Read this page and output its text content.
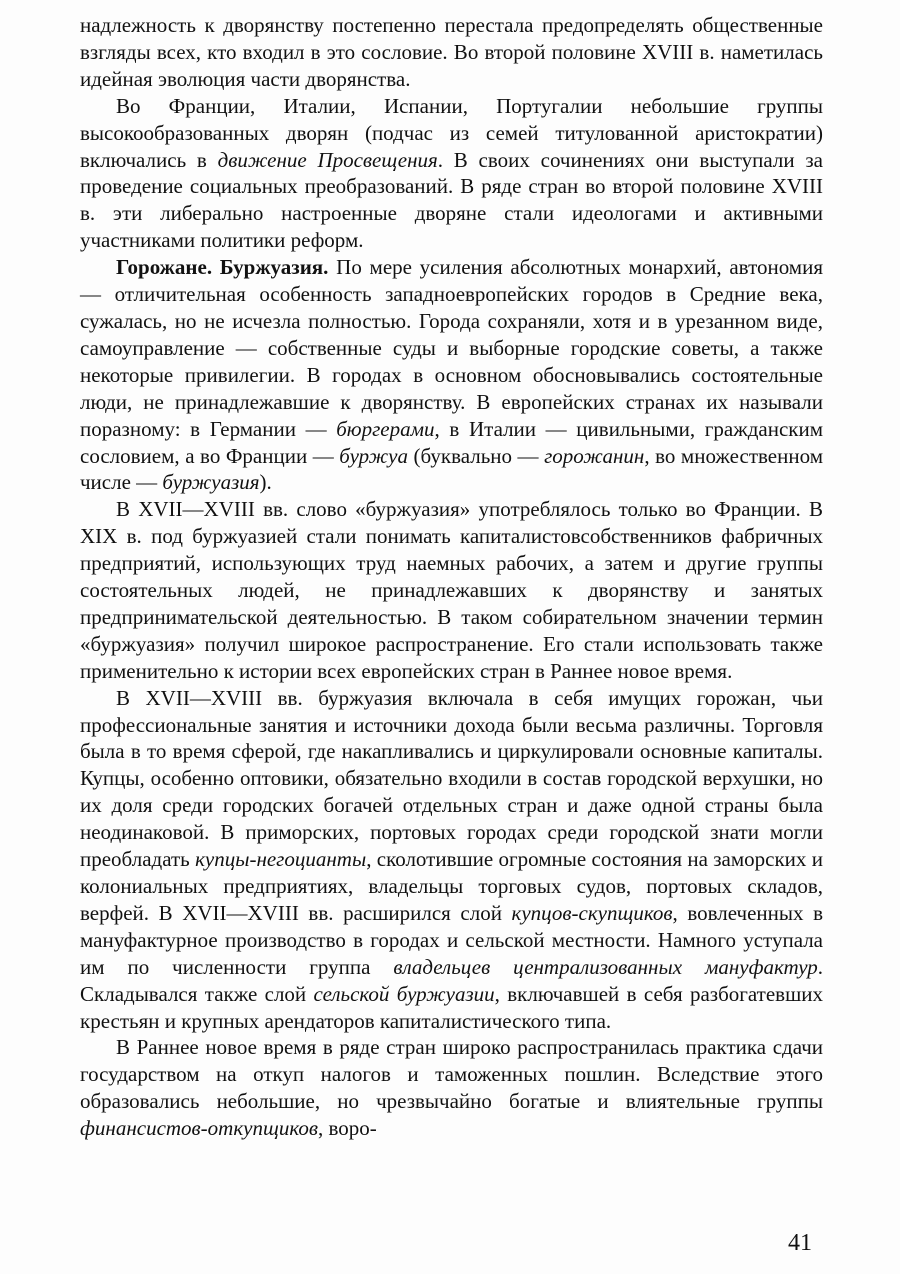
надлежность к дворянству постепенно перестала предопределять общественные взгляды всех, кто входил в это сословие. Во второй половине XVIII в. наметилась идейная эволюция части дворянства.

Во Франции, Италии, Испании, Португалии небольшие группы высокообразованных дворян (подчас из семей титулованной аристократии) включались в движение Просвещения. В своих сочинениях они выступали за проведение социальных преобразований. В ряде стран во второй половине XVIII в. эти либерально настроенные дворяне стали идеологами и активными участниками политики реформ.

Горожане. Буржуазия. По мере усиления абсолютных монархий, автономия — отличительная особенность западноевропейских городов в Средние века, сужалась, но не исчезла полностью. Города сохраняли, хотя и в урезанном виде, самоуправление — собственные суды и выборные городские советы, а также некоторые привилегии. В городах в основном обосновывались состоятельные люди, не принадлежавшие к дворянству. В европейских странах их называли поразному: в Германии — бюргерами, в Италии — цивильными, гражданским сословием, а во Франции — буржуа (буквально — горожанин, во множественном числе — буржуазия).

В XVII—XVIII вв. слово «буржуазия» употреблялось только во Франции. В XIX в. под буржуазией стали понимать капиталистовсобственников фабричных предприятий, использующих труд наемных рабочих, а затем и другие группы состоятельных людей, не принадлежавших к дворянству и занятых предпринимательской деятельностью. В таком собирательном значении термин «буржуазия» получил широкое распространение. Его стали использовать также применительно к истории всех европейских стран в Раннее новое время.

В XVII—XVIII вв. буржуазия включала в себя имущих горожан, чьи профессиональные занятия и источники дохода были весьма различны. Торговля была в то время сферой, где накапливались и циркулировали основные капиталы. Купцы, особенно оптовики, обязательно входили в состав городской верхушки, но их доля среди городских богачей отдельных стран и даже одной страны была неодинаковой. В приморских, портовых городах среди городской знати могли преобладать купцы-негоцианты, сколотившие огромные состояния на заморских и колониальных предприятиях, владельцы торговых судов, портовых складов, верфей. В XVII—XVIII вв. расширился слой купцов-скупщиков, вовлеченных в мануфактурное производство в городах и сельской местности. Намного уступала им по численности группа владельцев централизованных мануфактур. Складывался также слой сельской буржуазии, включавшей в себя разбогатевших крестьян и крупных арендаторов капиталистического типа.

В Раннее новое время в ряде стран широко распространилась практика сдачи государством на откуп налогов и таможенных пошлин. Вследствие этого образовались небольшие, но чрезвычайно богатые и влиятельные группы финансистов-откупщиков, воро-

41
